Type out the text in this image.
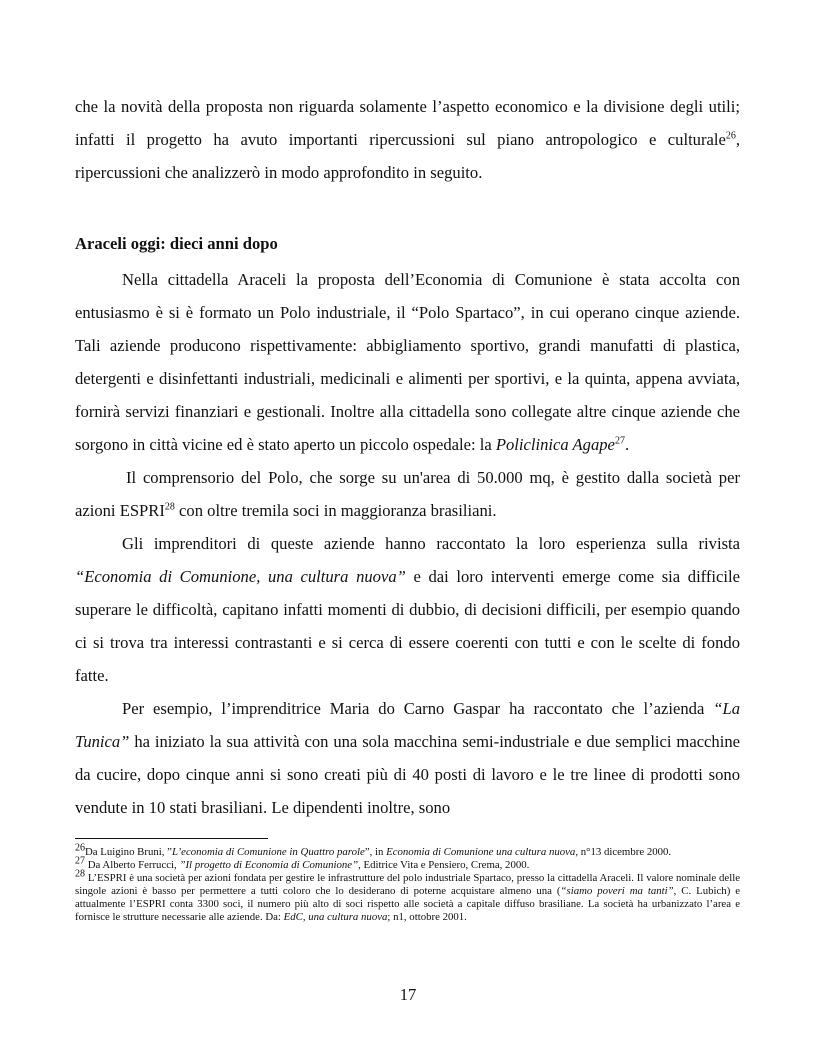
che la novità della proposta non riguarda solamente l’aspetto economico e la divisione degli utili; infatti il progetto ha avuto importanti ripercussioni sul piano antropologico e culturale$^{26}$, ripercussioni che analizzerò in modo approfondito in seguito.

Araceli oggi: dieci anni dopo

Nella cittadella Araceli la proposta dell’Economia di Comunione è stata accolta con entusiasmo è si è formato un Polo industriale, il “Polo Spartaco”, in cui operano cinque aziende. Tali aziende producono rispettivamente: abbigliamento sportivo, grandi manufatti di plastica, detergenti e disinfettanti industriali, medicinali e alimenti per sportivi, e la quinta, appena avviata, fornirà servizi finanziari e gestionali. Inoltre alla cittadella sono collegate altre cinque aziende che sorgono in città vicine ed è stato aperto un piccolo ospedale: la Policlinica Agape$^{27}$.

Il comprensorio del Polo, che sorge su un'area di 50.000 mq, è gestito dalla società per azioni ESPRI$^{28}$ con oltre tremila soci in maggioranza brasiliani.

Gli imprenditori di queste aziende hanno raccontato la loro esperienza sulla rivista “Economia di Comunione, una cultura nuova” e dai loro interventi emerge come sia difficile superare le difficoltà, capitano infatti momenti di dubbio, di decisioni difficili, per esempio quando ci si trova tra interessi contrastanti e si cerca di essere coerenti con tutti e con le scelte di fondo fatte.

Per esempio, l’imprenditrice Maria do Carno Gaspar ha raccontato che l’azienda “La Tunica” ha iniziato la sua attività con una sola macchina semi-industriale e due semplici macchine da cucire, dopo cinque anni si sono creati più di 40 posti di lavoro e le tre linee di prodotti sono vendute in 10 stati brasiliani. Le dipendenti inoltre, sono

$^{26}$Da Luigino Bruni, ”L’economia di Comunione in Quattro parole”, in Economia di Comunione una cultura nuova, n°13 dicembre 2000.

$^{27}$ Da Alberto Ferrucci, ”Il progetto di Economia di Comunione”, Editrice Vita e Pensiero, Crema, 2000.

$^{28}$ L’ESPRI è una società per azioni fondata per gestire le infrastrutture del polo industriale Spartaco, presso la cittadella Araceli. Il valore nominale delle singole azioni è basso per permettere a tutti coloro che lo desiderano di poterne acquistare almeno una (“siamo poveri ma tanti”, C. Lubich) e attualmente l’ESPRI conta 3300 soci, il numero più alto di soci rispetto alle società a capitale diffuso brasiliane. La società ha urbanizzato l’area e fornisce le strutture necessarie alle aziende. Da: EdC, una cultura nuova; n1, ottobre 2001.

17
